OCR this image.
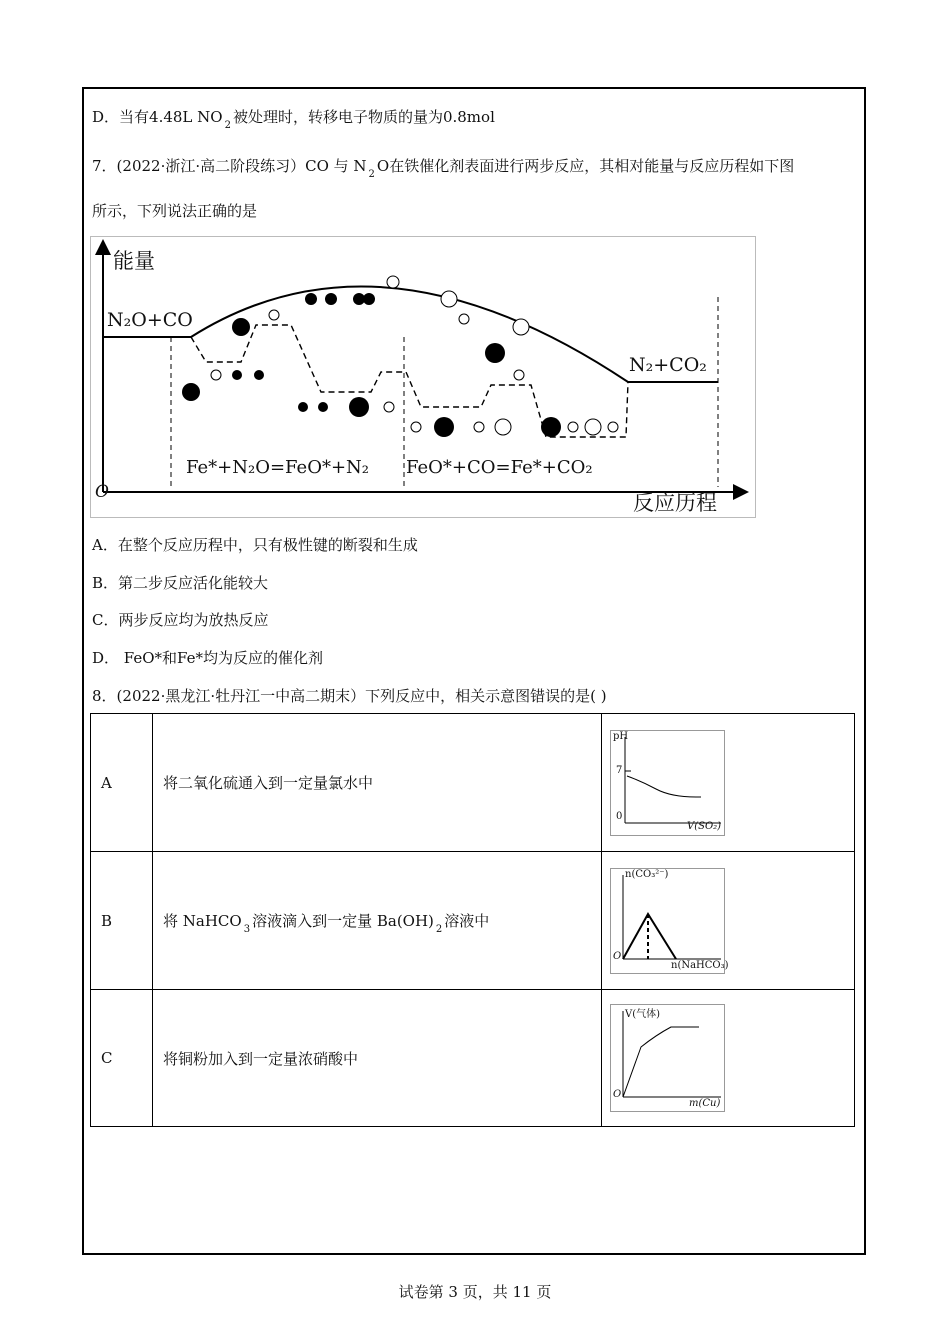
D．当有4.48L NO $_2$ 被处理时，转移电子物质的量为0.8mol
7．(2022·浙江·高二阶段练习）CO 与 N $_2$ O在铁催化剂表面进行两步反应，其相对能量与反应历程如下图
所示，下列说法正确的是
能量
N₂O+CO
N₂+CO₂
Fe*+N₂O=FeO*+N₂ FeO*+CO=Fe*+CO₂
O	反应历程
A．在整个反应历程中，只有极性键的断裂和生成
B．第二步反应活化能较大
C．两步反应均为放热反应
D． FeO*和Fe*均为反应的催化剂
8．(2022·黑龙江·牡丹江一中高二期末）下列反应中，相关示意图错误的是( )
A	将二氧化硫通入到一定量氯水中	pH
7
0
V(SO₂)

B	将 NaHCO $_3$ 溶液滴入到一定量 Ba(OH) $_2$ 溶液中	n(CO₃²⁻)
O
n(NaHCO₃)

C	将铜粉加入到一定量浓硝酸中	V(气体)
O
m(Cu)
试卷第 3 页，共 11 页
